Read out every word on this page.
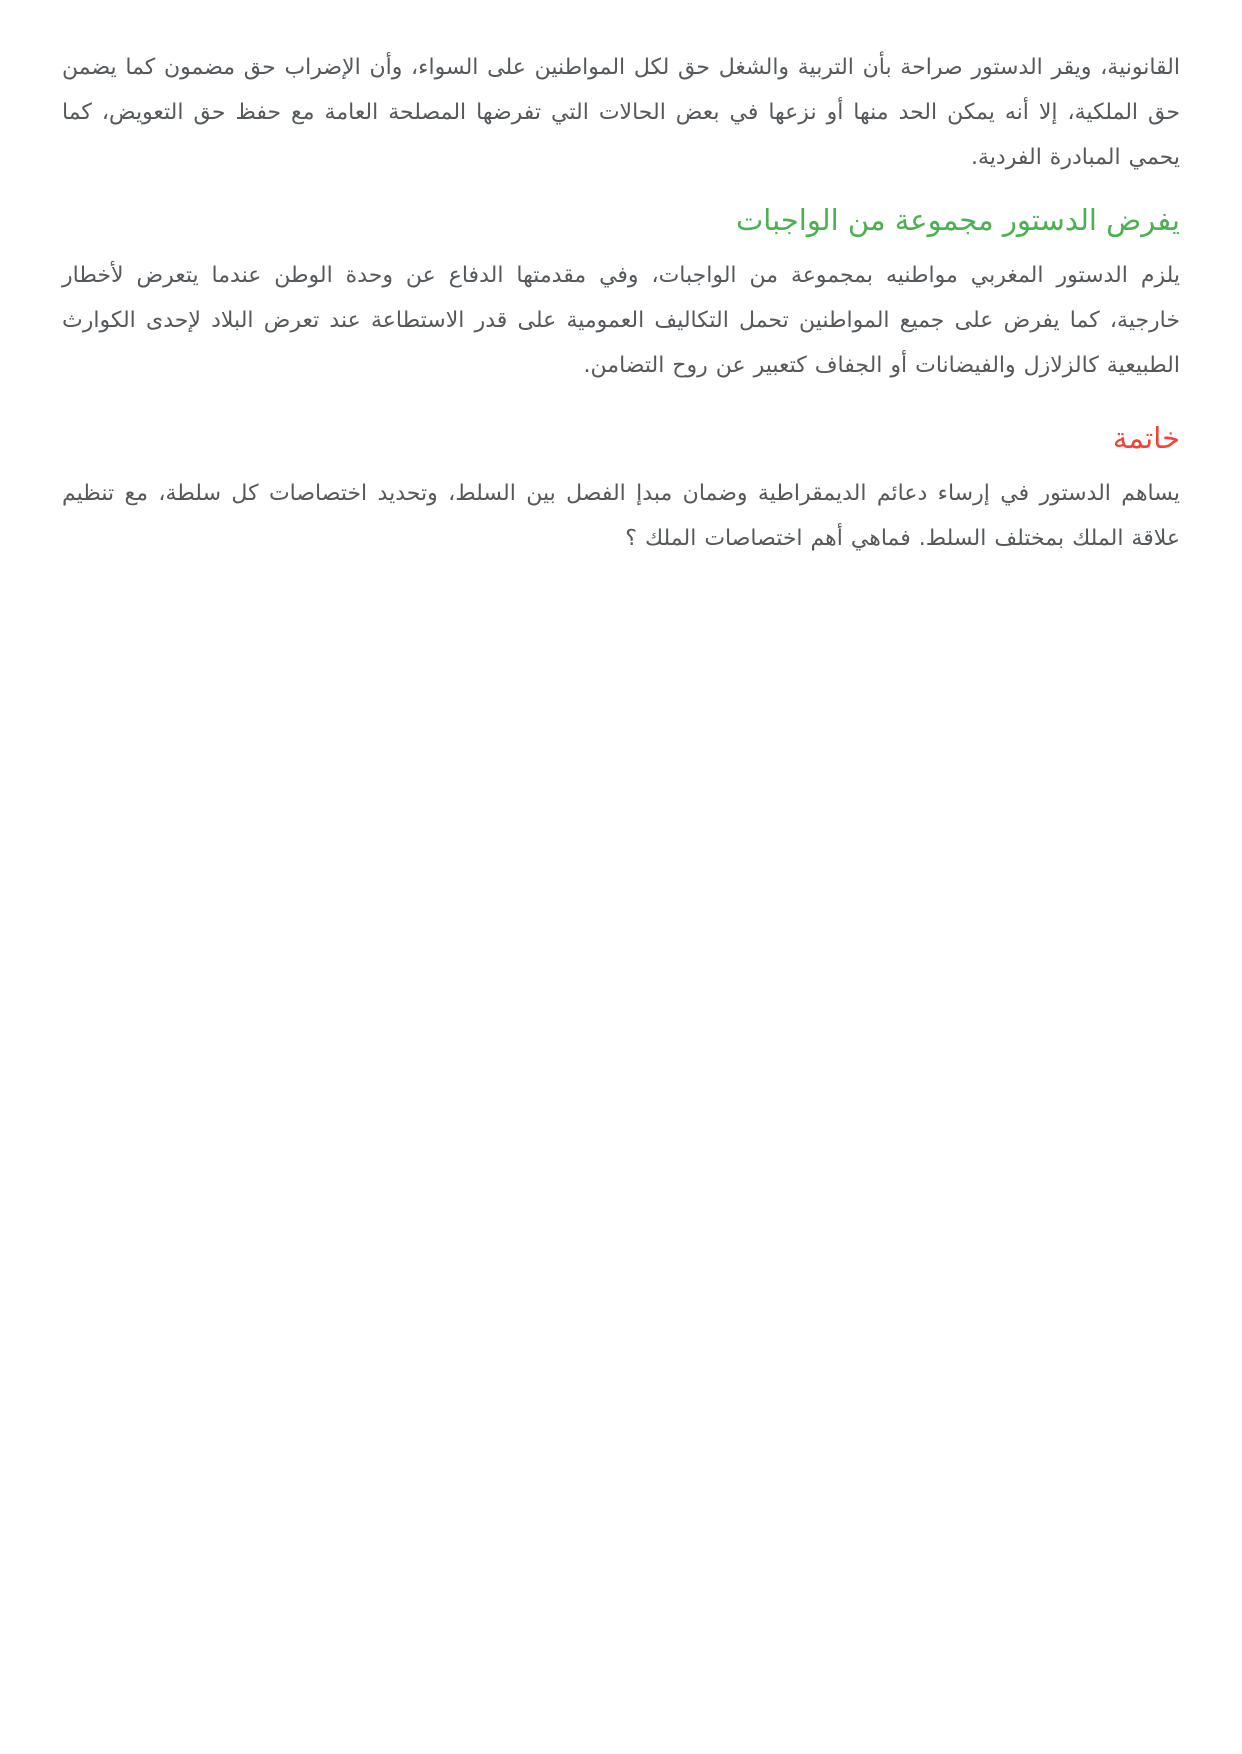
القانونية، ويقر الدستور صراحة بأن التربية والشغل حق لكل المواطنين على السواء، وأن الإضراب حق مضمون كما يضمن حق الملكية، إلا أنه يمكن الحد منها أو نزعها في بعض الحالات التي تفرضها المصلحة العامة مع حفظ حق التعويض، كما يحمي المبادرة الفردية.

يفرض الدستور مجموعة من الواجبات

يلزم الدستور المغربي مواطنيه بمجموعة من الواجبات، وفي مقدمتها الدفاع عن وحدة الوطن عندما يتعرض لأخطار خارجية، كما يفرض على جميع المواطنين تحمل التكاليف العمومية على قدر الاستطاعة عند تعرض البلاد لإحدى الكوارث الطبيعية كالزلازل والفيضانات أو الجفاف كتعبير عن روح التضامن.

خاتمة

يساهم الدستور في إرساء دعائم الديمقراطية وضمان مبدإ الفصل بين السلط، وتحديد اختصاصات كل سلطة، مع تنظيم علاقة الملك بمختلف السلط. فماهي أهم اختصاصات الملك ؟
